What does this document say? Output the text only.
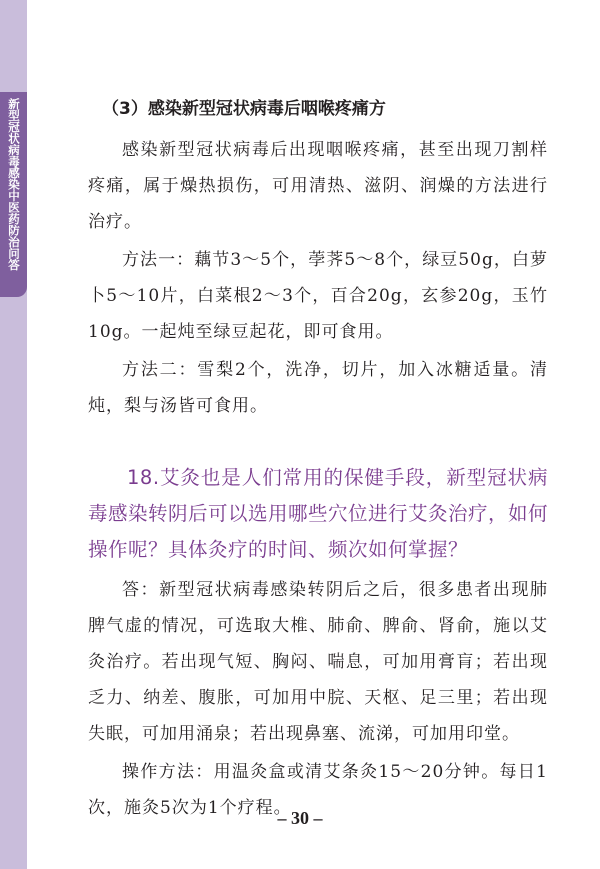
新型冠状病毒感染中医药防治问答	（3）感染新型冠状病毒后咽喉疼痛方

感染新型冠状病毒后出现咽喉疼痛，甚至出现刀割样疼痛，属于燥热损伤，可用清热、滋阴、润燥的方法进行治疗。

方法一：藕节3～5个，荸荠5～8个，绿豆50g，白萝卜5～10片，白菜根2～3个，百合20g，玄参20g，玉竹10g。一起炖至绿豆起花，即可食用。

方法二：雪梨2个，洗净，切片，加入冰糖适量。清炖，梨与汤皆可食用。

18.艾灸也是人们常用的保健手段，新型冠状病毒感染转阴后可以选用哪些穴位进行艾灸治疗，如何操作呢？具体灸疗的时间、频次如何掌握？

答：新型冠状病毒感染转阴后之后，很多患者出现肺脾气虚的情况，可选取大椎、肺俞、脾俞、肾俞，施以艾灸治疗。若出现气短、胸闷、喘息，可加用膏肓；若出现乏力、纳差、腹胀，可加用中脘、天枢、足三里；若出现失眠，可加用涌泉；若出现鼻塞、流涕，可加用印堂。

操作方法：用温灸盒或清艾条灸15～20分钟。每日1次，施灸5次为1个疗程。

– 30 –
